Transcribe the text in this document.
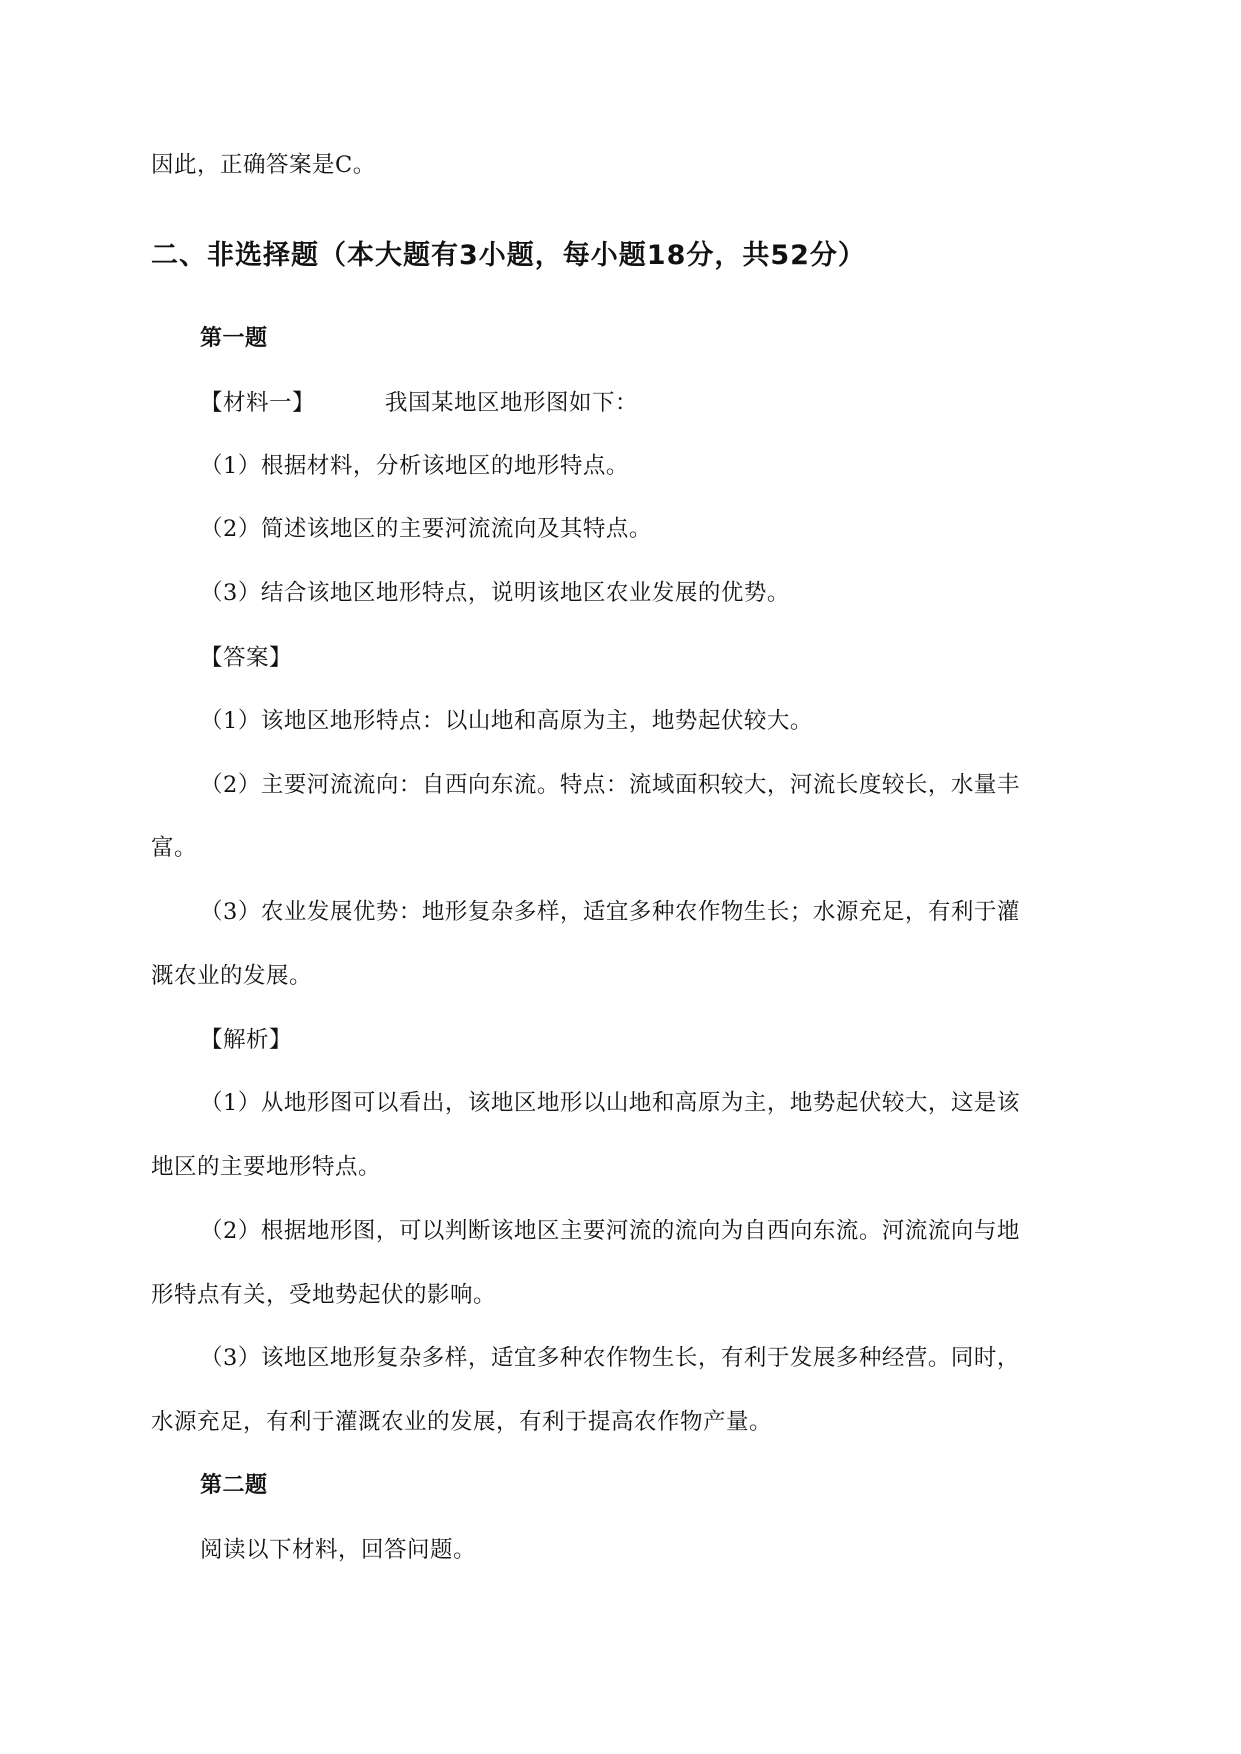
因此，正确答案是C。
二、非选择题（本大题有3小题，每小题18分，共52分）
第一题
【材料一】	我国某地区地形图如下：
（1）根据材料，分析该地区的地形特点。
（2）简述该地区的主要河流流向及其特点。
（3）结合该地区地形特点，说明该地区农业发展的优势。
【答案】
（1）该地区地形特点：以山地和高原为主，地势起伏较大。
（2）主要河流流向：自西向东流。特点：流域面积较大，河流长度较长，水量丰
富。
（3）农业发展优势：地形复杂多样，适宜多种农作物生长；水源充足，有利于灌
溉农业的发展。
【解析】
（1）从地形图可以看出，该地区地形以山地和高原为主，地势起伏较大，这是该
地区的主要地形特点。
（2）根据地形图，可以判断该地区主要河流的流向为自西向东流。河流流向与地
形特点有关，受地势起伏的影响。
（3）该地区地形复杂多样，适宜多种农作物生长，有利于发展多种经营。同时，
水源充足，有利于灌溉农业的发展，有利于提高农作物产量。
第二题
阅读以下材料，回答问题。
